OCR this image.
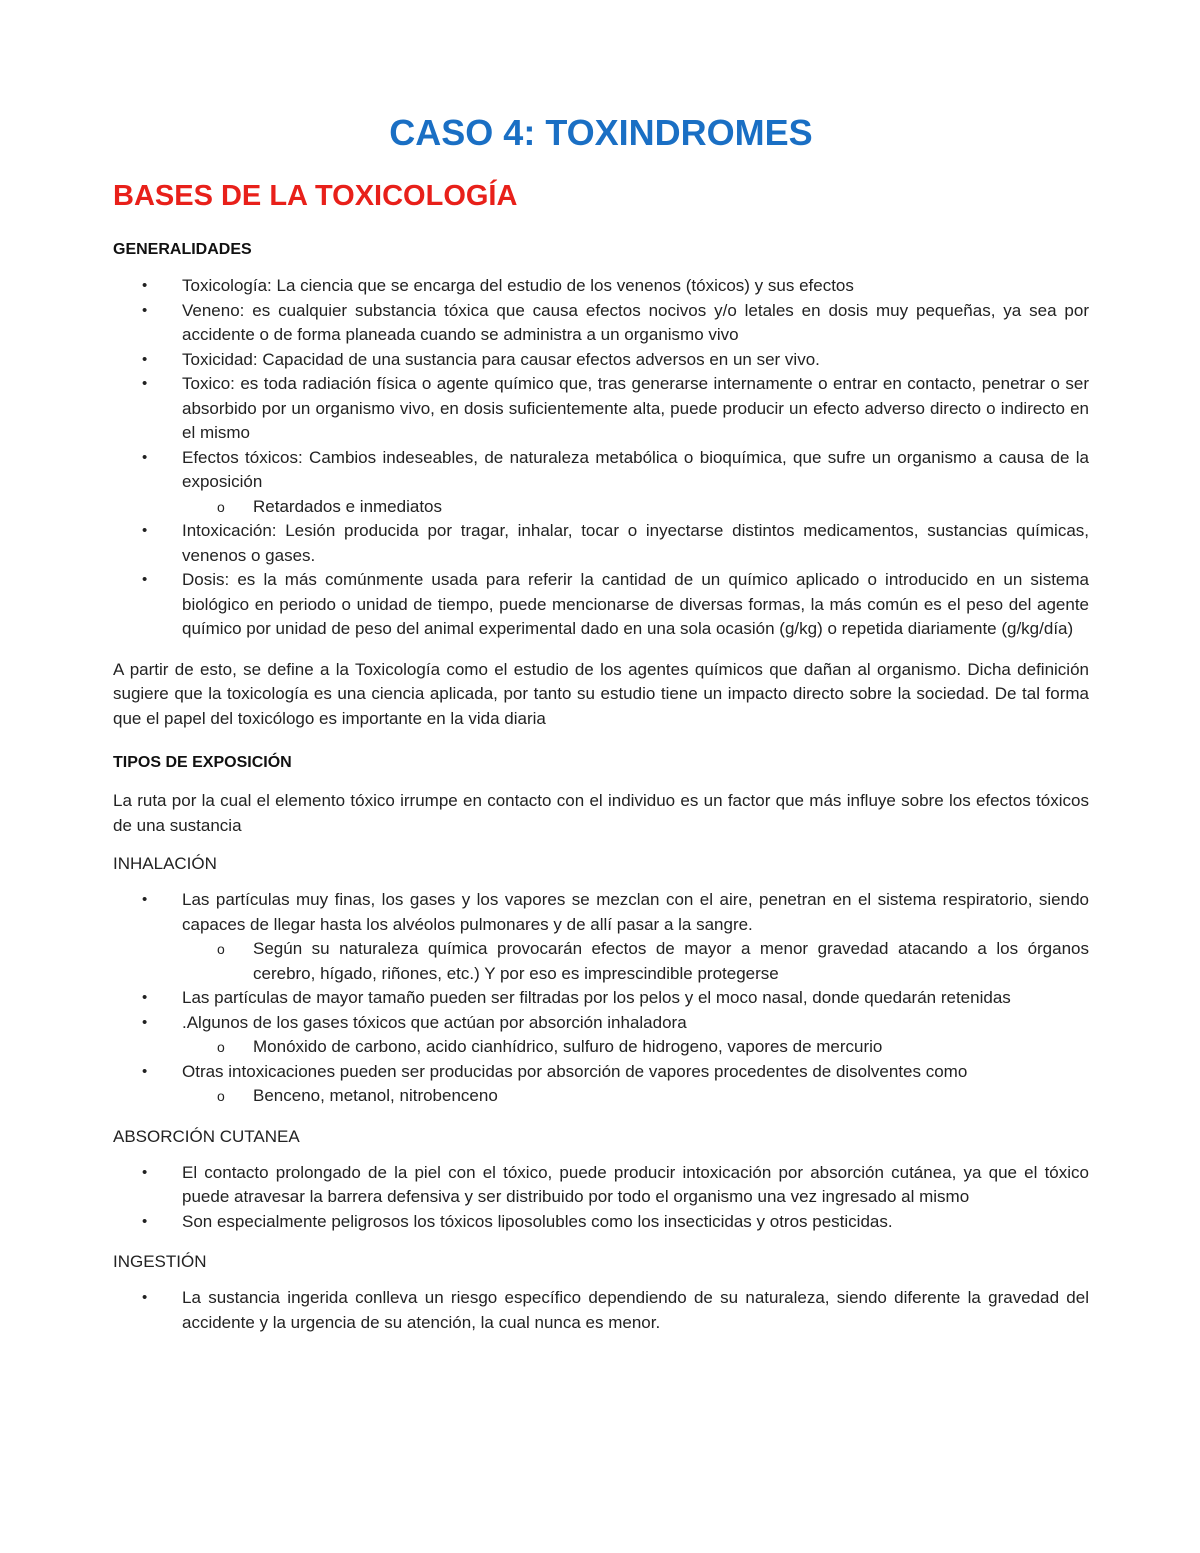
CASO 4: TOXINDROMES
BASES DE LA TOXICOLOGÍA
GENERALIDADES
• Toxicología: La ciencia que se encarga del estudio de los venenos (tóxicos) y sus efectos
• Veneno: es cualquier substancia tóxica que causa efectos nocivos y/o letales en dosis muy pequeñas, ya sea por accidente o de forma planeada cuando se administra a un organismo vivo
• Toxicidad: Capacidad de una sustancia para causar efectos adversos en un ser vivo.
• Toxico: es toda radiación física o agente químico que, tras generarse internamente o entrar en contacto, penetrar o ser absorbido por un organismo vivo, en dosis suficientemente alta, puede producir un efecto adverso directo o indirecto en el mismo
• Efectos tóxicos: Cambios indeseables, de naturaleza metabólica o bioquímica, que sufre un organismo a causa de la exposición
o Retardados e inmediatos
• Intoxicación: Lesión producida por tragar, inhalar, tocar o inyectarse distintos medicamentos, sustancias químicas, venenos o gases.
• Dosis: es la más comúnmente usada para referir la cantidad de un químico aplicado o introducido en un sistema biológico en periodo o unidad de tiempo, puede mencionarse de diversas formas, la más común es el peso del agente químico por unidad de peso del animal experimental dado en una sola ocasión (g/kg) o repetida diariamente (g/kg/día)

A partir de esto, se define a la Toxicología como el estudio de los agentes químicos que dañan al organismo. Dicha definición sugiere que la toxicología es una ciencia aplicada, por tanto su estudio tiene un impacto directo sobre la sociedad. De tal forma que el papel del toxicólogo es importante en la vida diaria

TIPOS DE EXPOSICIÓN

La ruta por la cual el elemento tóxico irrumpe en contacto con el individuo es un factor que más influye sobre los efectos tóxicos de una sustancia

INHALACIÓN
• Las partículas muy finas, los gases y los vapores se mezclan con el aire, penetran en el sistema respiratorio, siendo capaces de llegar hasta los alvéolos pulmonares y de allí pasar a la sangre.
o Según su naturaleza química provocarán efectos de mayor a menor gravedad atacando a los órganos cerebro, hígado, riñones, etc.) Y por eso es imprescindible protegerse
• Las partículas de mayor tamaño pueden ser filtradas por los pelos y el moco nasal, donde quedarán retenidas
• .Algunos de los gases tóxicos que actúan por absorción inhaladora
o Monóxido de carbono, acido cianhídrico, sulfuro de hidrogeno, vapores de mercurio
• Otras intoxicaciones pueden ser producidas por absorción de vapores procedentes de disolventes como
o Benceno, metanol, nitrobenceno
ABSORCIÓN CUTANEA
• El contacto prolongado de la piel con el tóxico, puede producir intoxicación por absorción cutánea, ya que el tóxico puede atravesar la barrera defensiva y ser distribuido por todo el organismo una vez ingresado al mismo
• Son especialmente peligrosos los tóxicos liposolubles como los insecticidas y otros pesticidas.
INGESTIÓN
• La sustancia ingerida conlleva un riesgo específico dependiendo de su naturaleza, siendo diferente la gravedad del accidente y la urgencia de su atención, la cual nunca es menor.
